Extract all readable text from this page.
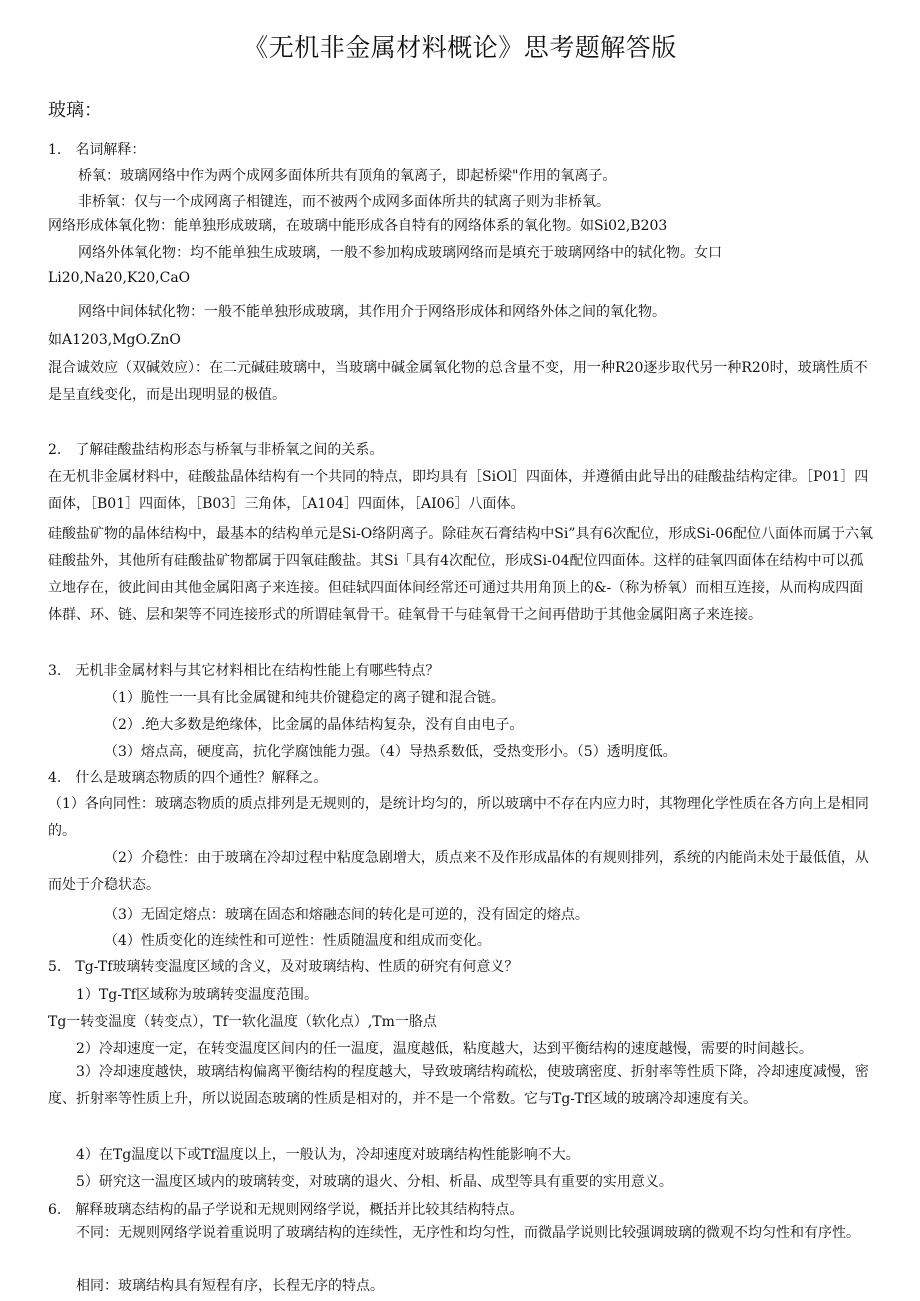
《无机非金属材料概论》思考题解答版
玻璃：
1.　名词解释：
桥氧：玻璃网络中作为两个成网多面体所共有顶角的氧离子，即起桥梁"作用的氧离子。
非桥氧：仅与一个成网离子相键连，而不被两个成网多面体所共的轼离子则为非桥氧。
网络形成体氧化物：能单独形成玻璃，在玻璃中能形成各自特有的网络体系的氧化物。如Si02,B203
网络外体氧化物：均不能单独生成玻璃，一般不参加构成玻璃网络而是填充于玻璃网络中的轼化物。女口
Li20,Na20,K20,CaO
网络中间体轼化物：一般不能单独形成玻璃，其作用介于网络形成体和网络外体之间的氧化物。
如A1203,MgO.ZnO
混合诚效应（双碱效应）：在二元碱硅玻璃中，当玻璃中碱金属氧化物的总含量不变，用一种R20逐步取代另一种R20时，玻璃性质不是呈直线变化，而是出现明显的极值。
2.　了解硅酸盐结构形态与桥氧与非桥氧之间的关系。
在无机非金属材料中，硅酸盐晶体结构有一个共同的特点，即均具有［SiOl］四面体，并遵循由此导出的硅酸盐结构定律。［P01］四面体，［B01］四面体，［B03］三角体，［A104］四面体，［AI06］八面体。
硅酸盐矿物的晶体结构中，最基本的结构单元是Si-O络阴离子。除硅灰石膏结构中Si”具有6次配位，形成Si-06配位八面体而属于六氧硅酸盐外，其他所有硅酸盐矿物都属于四氧硅酸盐。其Si「具有4次配位，形成Si-04配位四面体。这样的硅氧四面体在结构中可以孤立地存在，彼此间由其他金属阳离子来连接。但硅轼四面体间经常还可通过共用角顶上的&-（称为桥氧）而相互连接，从而构成四面体群、环、链、层和架等不同连接形式的所谓硅氧骨干。硅氧骨干与硅氧骨干之间再借助于其他金属阳离子来连接。
3.　无机非金属材料与其它材料相比在结构性能上有哪些特点？
（1）脆性一一具有比金属键和纯共价键稳定的离子键和混合链。
（2）.绝大多数是绝缘体，比金属的晶体结构复杂，没有自由电子。
（3）熔点高，硬度高，抗化学腐蚀能力强。（4）导热系数低，受热变形小。（5）透明度低。
4.　什么是玻璃态物质的四个通性？解释之。
（1）各向同性：玻璃态物质的质点排列是无规则的，是统计均匀的，所以玻璃中不存在内应力时，其物理化学性质在各方向上是相同的。
（2）介稳性：由于玻璃在冷却过程中粘度急剧增大，质点来不及作形成晶体的有规则排列，系统的内能尚未处于最低值，从而处于介稳状态。
（3）无固定熔点：玻璃在固态和熔融态间的转化是可逆的，没有固定的熔点。
（4）性质变化的连续性和可逆性：性质随温度和组成而变化。
5.　Tg-Tf玻璃转变温度区域的含义，及对玻璃结构、性质的研究有何意义？
1）Tg-Tf区域称为玻璃转变温度范围。
Tg一转变温度（转变点），Tf一软化温度（软化点）,Tm一胳点
2）冷却速度一定，在转变温度区间内的任一温度，温度越低，粘度越大，达到平衡结构的速度越慢，需要的时间越长。
3）冷却速度越快，玻璃结构偏离平衡结构的程度越大，导致玻璃结构疏松，使玻璃密度、折射率等性质下降，冷却速度减慢，密度、折射率等性质上升，所以说固态玻璃的性质是相对的，并不是一个常数。它与Tg-Tf区域的玻璃冷却速度有关。
4）在Tg温度以下或Tf温度以上，一般认为，冷却速度对玻璃结构性能影响不大。
5）研究这一温度区域内的玻璃转变，对玻璃的退火、分相、析晶、成型等具有重要的实用意义。
6.　解释玻璃态结构的晶子学说和无规则网络学说，概括并比较其结构特点。
不同：无规则网络学说着重说明了玻璃结构的连续性，无序性和均匀性，而微晶学说则比较强调玻璃的微观不均匀性和有序性。
相同：玻璃结构具有短程有序，长程无序的特点。
